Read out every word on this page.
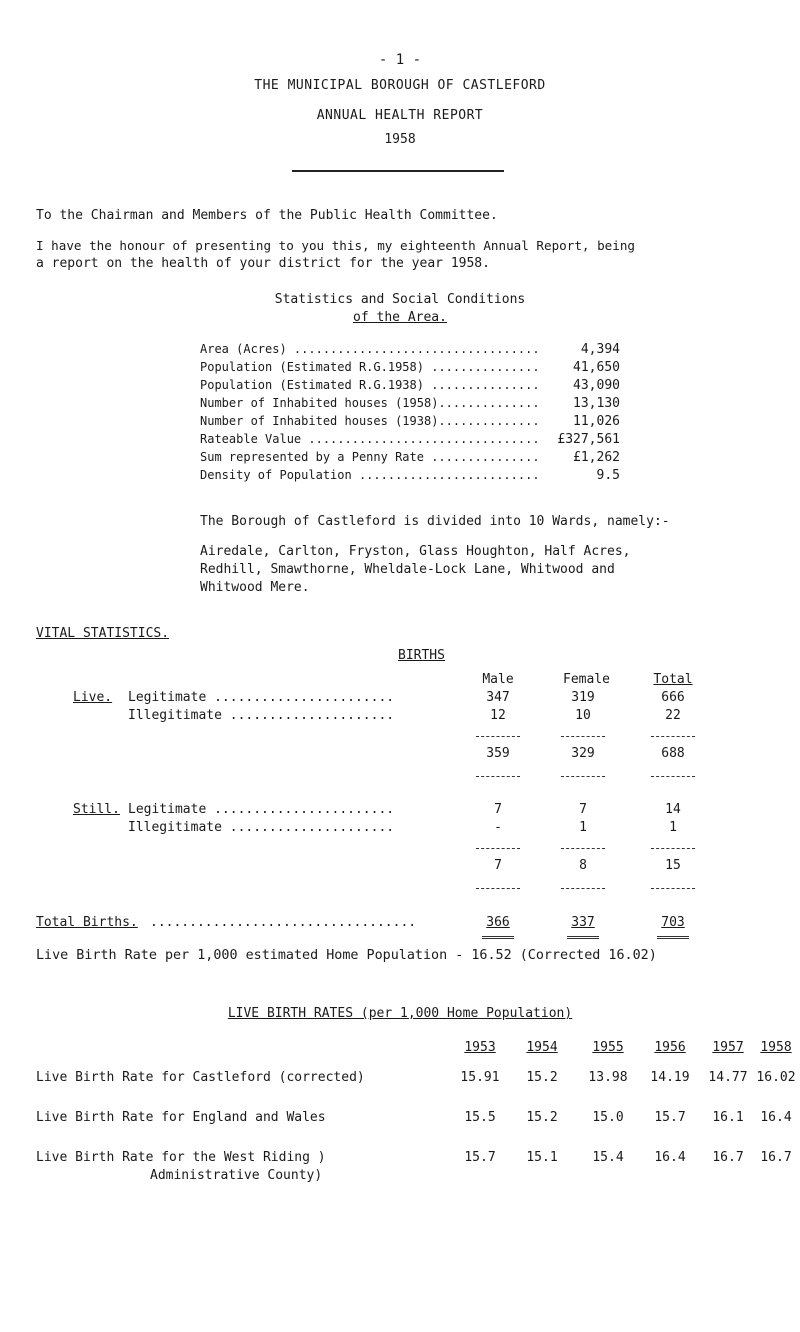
- 1 -
THE MUNICIPAL BOROUGH OF CASTLEFORD
ANNUAL HEALTH REPORT
1958
To the Chairman and Members of the Public Health Committee.
I have the honour of presenting to you this, my eighteenth Annual Report, being
a report on the health of your district for the year 1958.
Statistics and Social Conditions
of the Area.
Area (Acres) ..................................	4,394
Population (Estimated R.G.1958) ...............	41,650
Population (Estimated R.G.1938) ...............	43,090
Number of Inhabited houses (1958)..............	13,130
Number of Inhabited houses (1938)..............	11,026
Rateable Value ................................	£327,561
Sum represented by a Penny Rate ...............	£1,262
Density of Population .........................	9.5
The Borough of Castleford is divided into 10 Wards, namely:-
Airedale, Carlton, Fryston, Glass Houghton, Half Acres,
Redhill, Smawthorne, Wheldale-Lock Lane, Whitwood and
Whitwood Mere.
VITAL STATISTICS.
BIRTHS
Male	Female	Total
Live. Legitimate .......................	347	319	666
Illegitimate .....................	12	10	22
359	329	688
Still. Legitimate .......................	7	7	14
Illegitimate .....................	-	1	1
7	8	15
Total Births. ..................................	366	337	703
Live Birth Rate per 1,000 estimated Home Population - 16.52 (Corrected 16.02)
LIVE BIRTH RATES (per 1,000 Home Population)
1953	1954	1955	1956	1957	1958
Live Birth Rate for Castleford (corrected)	15.91	15.2	13.98	14.19	14.77 16.02
Live Birth Rate for England and Wales	15.5	15.2	15.0	15.7	16.1	16.4
Live Birth Rate for the West Riding )
Administrative County)
15.7	15.1	15.4	16.4	16.7	16.7
